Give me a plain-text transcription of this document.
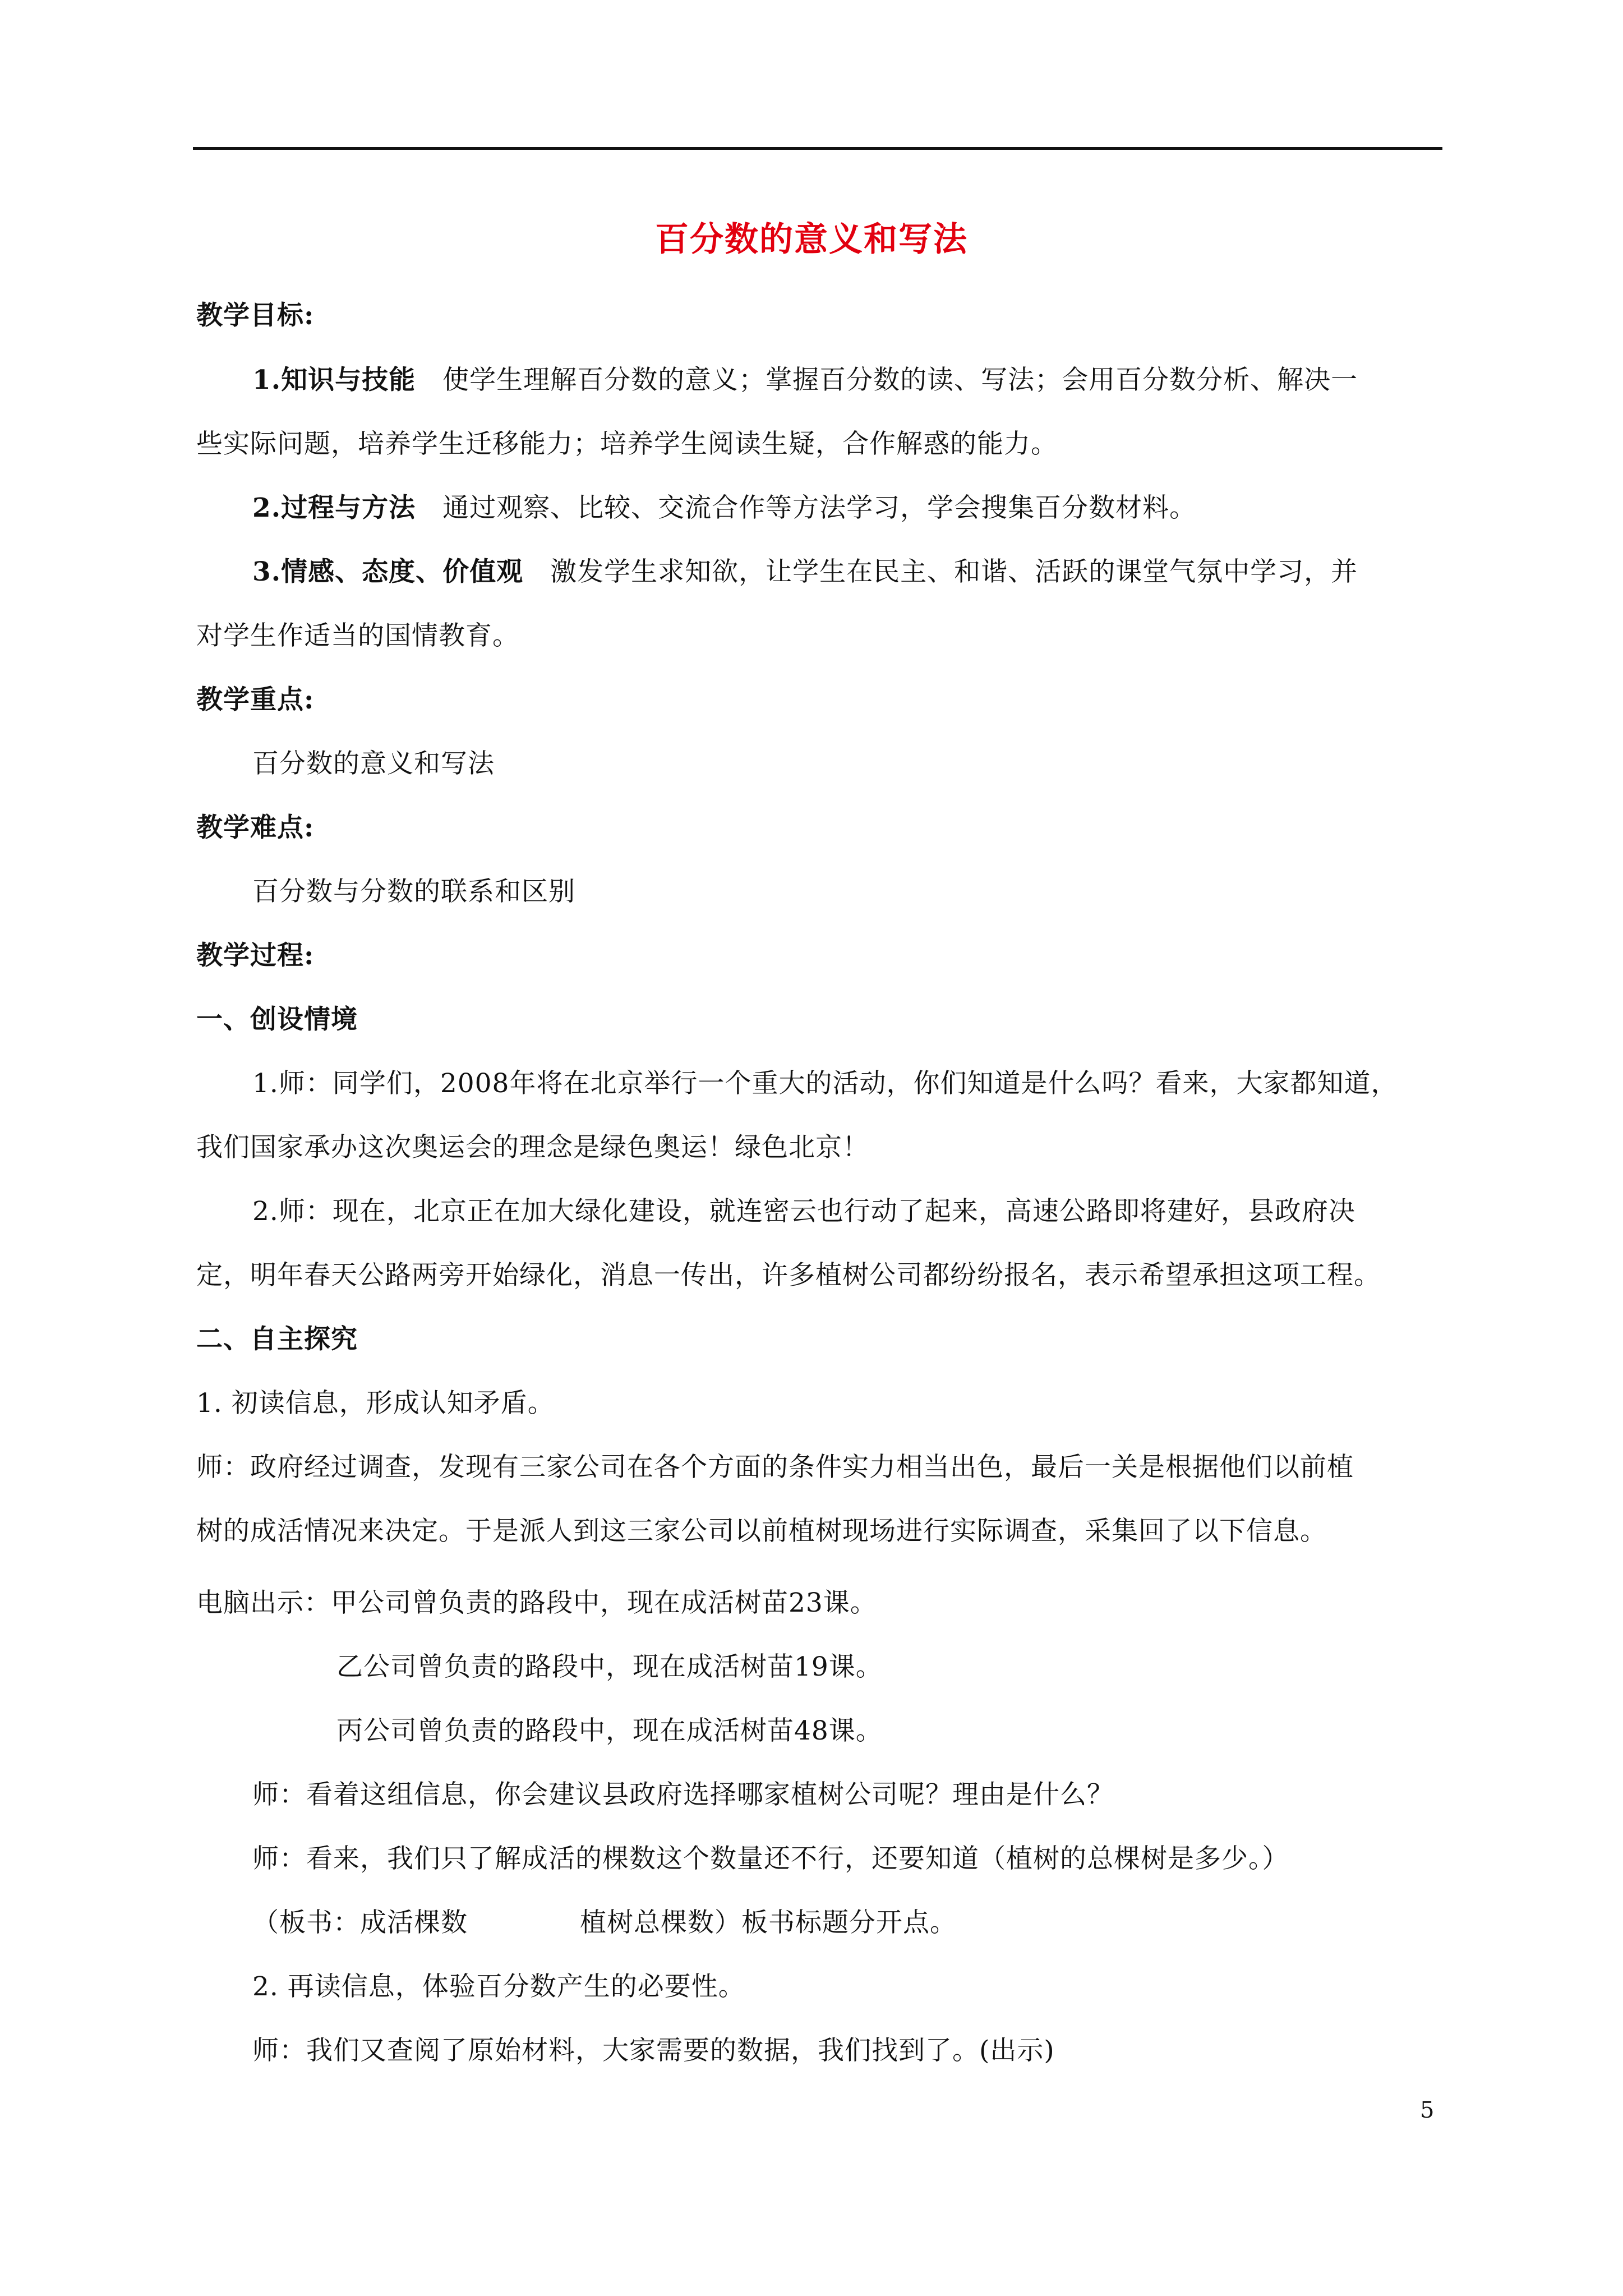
百分数的意义和写法
教学目标:
1.知识与技能 使学生理解百分数的意义；掌握百分数的读、写法；会用百分数分析、解决一
些实际问题，培养学生迁移能力；培养学生阅读生疑，合作解惑的能力。
2.过程与方法 通过观察、比较、交流合作等方法学习，学会搜集百分数材料。
3.情感、态度、价值观 激发学生求知欲，让学生在民主、和谐、活跃的课堂气氛中学习，并
对学生作适当的国情教育。
教学重点:
百分数的意义和写法
教学难点:
百分数与分数的联系和区别
教学过程:
一、创设情境
1.师：同学们，2008年将在北京举行一个重大的活动，你们知道是什么吗？看来，大家都知道，
我们国家承办这次奥运会的理念是绿色奥运！绿色北京！
2.师：现在，北京正在加大绿化建设，就连密云也行动了起来，高速公路即将建好，县政府决
定，明年春天公路两旁开始绿化，消息一传出，许多植树公司都纷纷报名，表示希望承担这项工程。
二、自主探究
1. 初读信息，形成认知矛盾。
师：政府经过调查，发现有三家公司在各个方面的条件实力相当出色，最后一关是根据他们以前植
树的成活情况来决定。于是派人到这三家公司以前植树现场进行实际调查，采集回了以下信息。
电脑出示：甲公司曾负责的路段中，现在成活树苗23课。
乙公司曾负责的路段中，现在成活树苗19课。
丙公司曾负责的路段中，现在成活树苗48课。
师：看着这组信息，你会建议县政府选择哪家植树公司呢？理由是什么？
师：看来，我们只了解成活的棵数这个数量还不行，还要知道（植树的总棵树是多少。）
（板书：成活棵数	植树总棵数）板书标题分开点。
2. 再读信息，体验百分数产生的必要性。
师：我们又查阅了原始材料，大家需要的数据，我们找到了。(出示)
5
